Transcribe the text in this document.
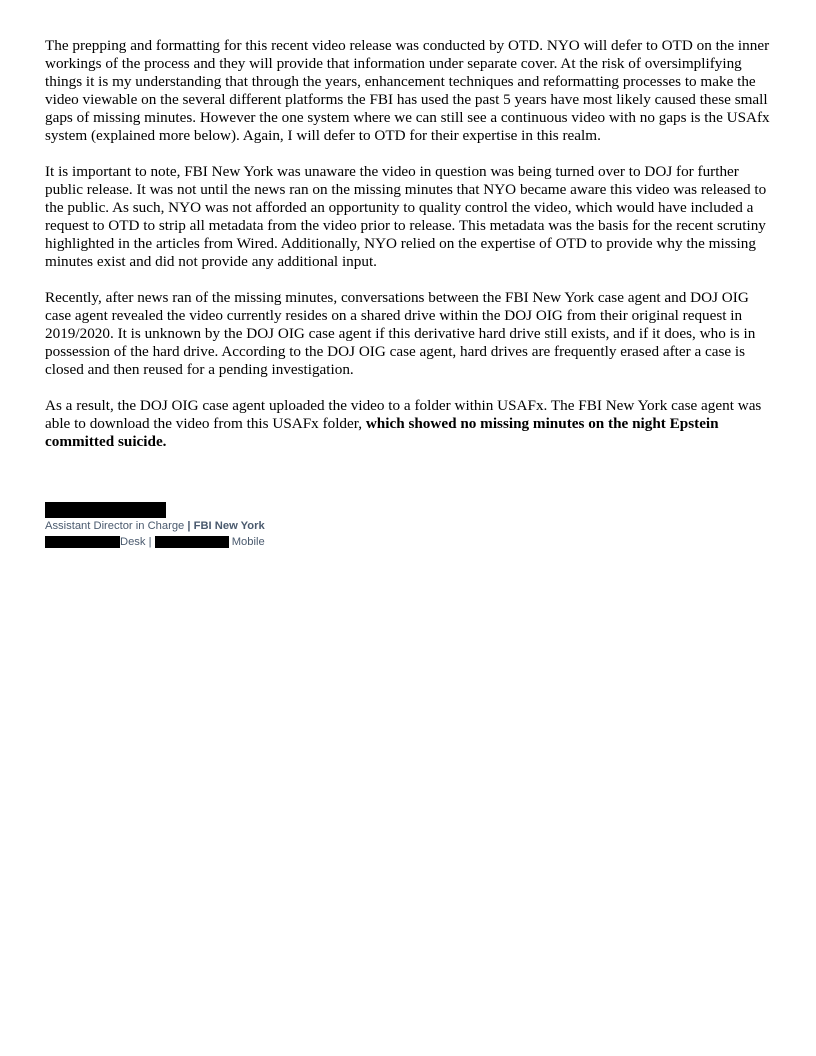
The prepping and formatting for this recent video release was conducted by OTD. NYO will defer to OTD on the inner workings of the process and they will provide that information under separate cover. At the risk of oversimplifying things it is my understanding that through the years, enhancement techniques and reformatting processes to make the video viewable on the several different platforms the FBI has used the past 5 years have most likely caused these small gaps of missing minutes. However the one system where we can still see a continuous video with no gaps is the USAfx system (explained more below). Again, I will defer to OTD for their expertise in this realm.

It is important to note, FBI New York was unaware the video in question was being turned over to DOJ for further public release. It was not until the news ran on the missing minutes that NYO became aware this video was released to the public. As such, NYO was not afforded an opportunity to quality control the video, which would have included a request to OTD to strip all metadata from the video prior to release. This metadata was the basis for the recent scrutiny highlighted in the articles from Wired. Additionally, NYO relied on the expertise of OTD to provide why the missing minutes exist and did not provide any additional input.

Recently, after news ran of the missing minutes, conversations between the FBI New York case agent and DOJ OIG case agent revealed the video currently resides on a shared drive within the DOJ OIG from their original request in 2019/2020. It is unknown by the DOJ OIG case agent if this derivative hard drive still exists, and if it does, who is in possession of the hard drive. According to the DOJ OIG case agent, hard drives are frequently erased after a case is closed and then reused for a pending investigation.

As a result, the DOJ OIG case agent uploaded the video to a folder within USAFx. The FBI New York case agent was able to download the video from this USAFx folder, which showed no missing minutes on the night Epstein committed suicide.

Assistant Director in Charge | FBI New York
Desk |	Mobile
